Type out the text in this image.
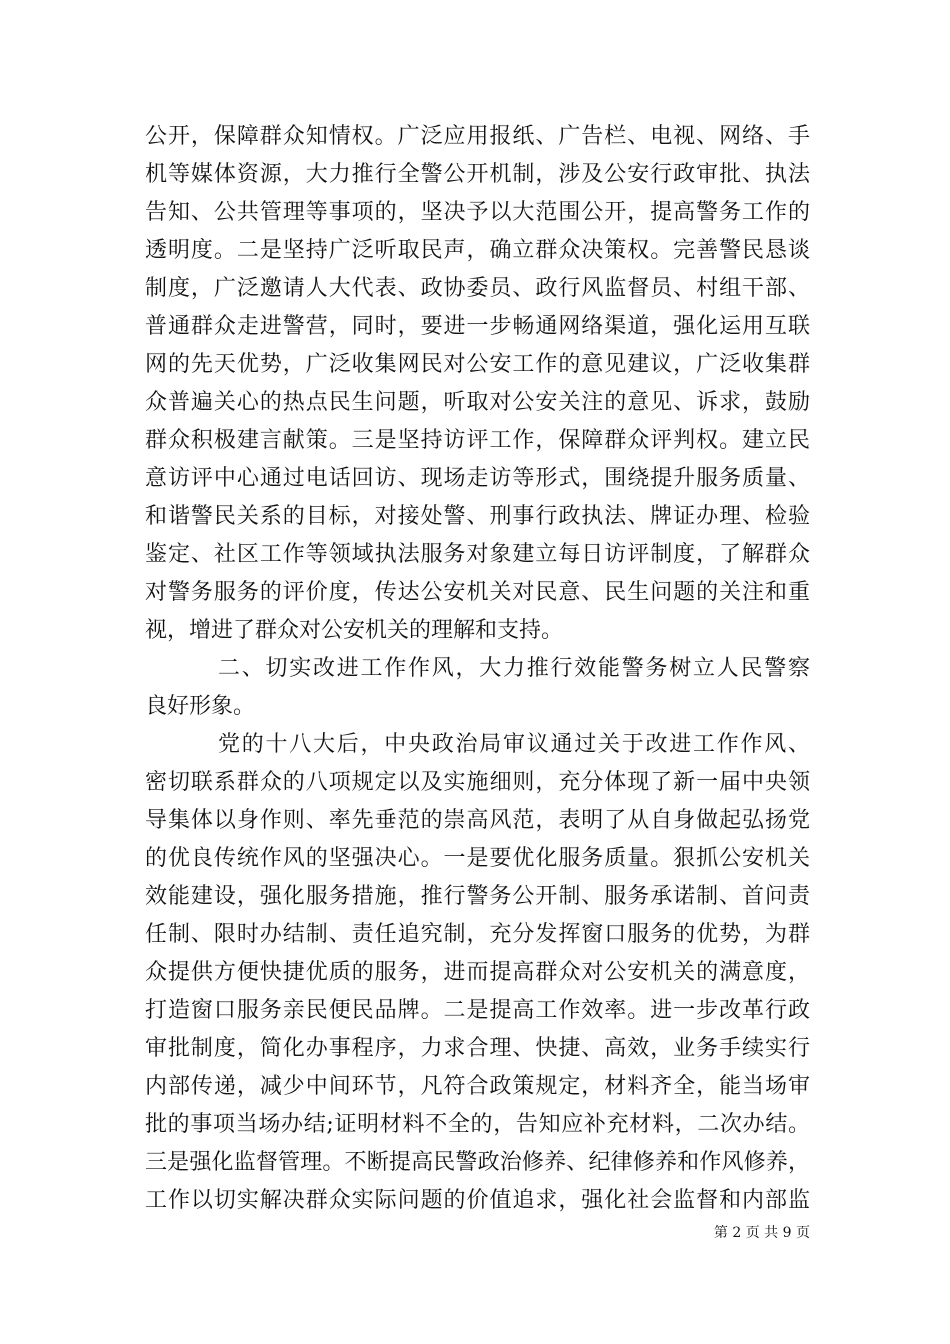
公开，保障群众知情权。广泛应用报纸、广告栏、电视、网络、手
机等媒体资源，大力推行全警公开机制，涉及公安行政审批、执法
告知、公共管理等事项的，坚决予以大范围公开，提高警务工作的
透明度。二是坚持广泛听取民声，确立群众决策权。完善警民恳谈
制度，广泛邀请人大代表、政协委员、政行风监督员、村组干部、
普通群众走进警营，同时，要进一步畅通网络渠道，强化运用互联
网的先天优势，广泛收集网民对公安工作的意见建议，广泛收集群
众普遍关心的热点民生问题，听取对公安关注的意见、诉求，鼓励
群众积极建言献策。三是坚持访评工作，保障群众评判权。建立民
意访评中心通过电话回访、现场走访等形式，围绕提升服务质量、
和谐警民关系的目标，对接处警、刑事行政执法、牌证办理、检验
鉴定、社区工作等领域执法服务对象建立每日访评制度，了解群众
对警务服务的评价度，传达公安机关对民意、民生问题的关注和重
视，增进了群众对公安机关的理解和支持。
二、切实改进工作作风，大力推行效能警务树立人民警察
良好形象。
党的十八大后，中央政治局审议通过关于改进工作作风、
密切联系群众的八项规定以及实施细则，充分体现了新一届中央领
导集体以身作则、率先垂范的崇高风范，表明了从自身做起弘扬党
的优良传统作风的坚强决心。一是要优化服务质量。狠抓公安机关
效能建设，强化服务措施，推行警务公开制、服务承诺制、首问责
任制、限时办结制、责任追究制，充分发挥窗口服务的优势，为群
众提供方便快捷优质的服务，进而提高群众对公安机关的满意度，
打造窗口服务亲民便民品牌。二是提高工作效率。进一步改革行政
审批制度，简化办事程序，力求合理、快捷、高效，业务手续实行
内部传递，减少中间环节，凡符合政策规定，材料齐全，能当场审
批的事项当场办结;证明材料不全的，告知应补充材料，二次办结。
三是强化监督管理。不断提高民警政治修养、纪律修养和作风修养，
工作以切实解决群众实际问题的价值追求，强化社会监督和内部监
第 2 页 共 9 页
